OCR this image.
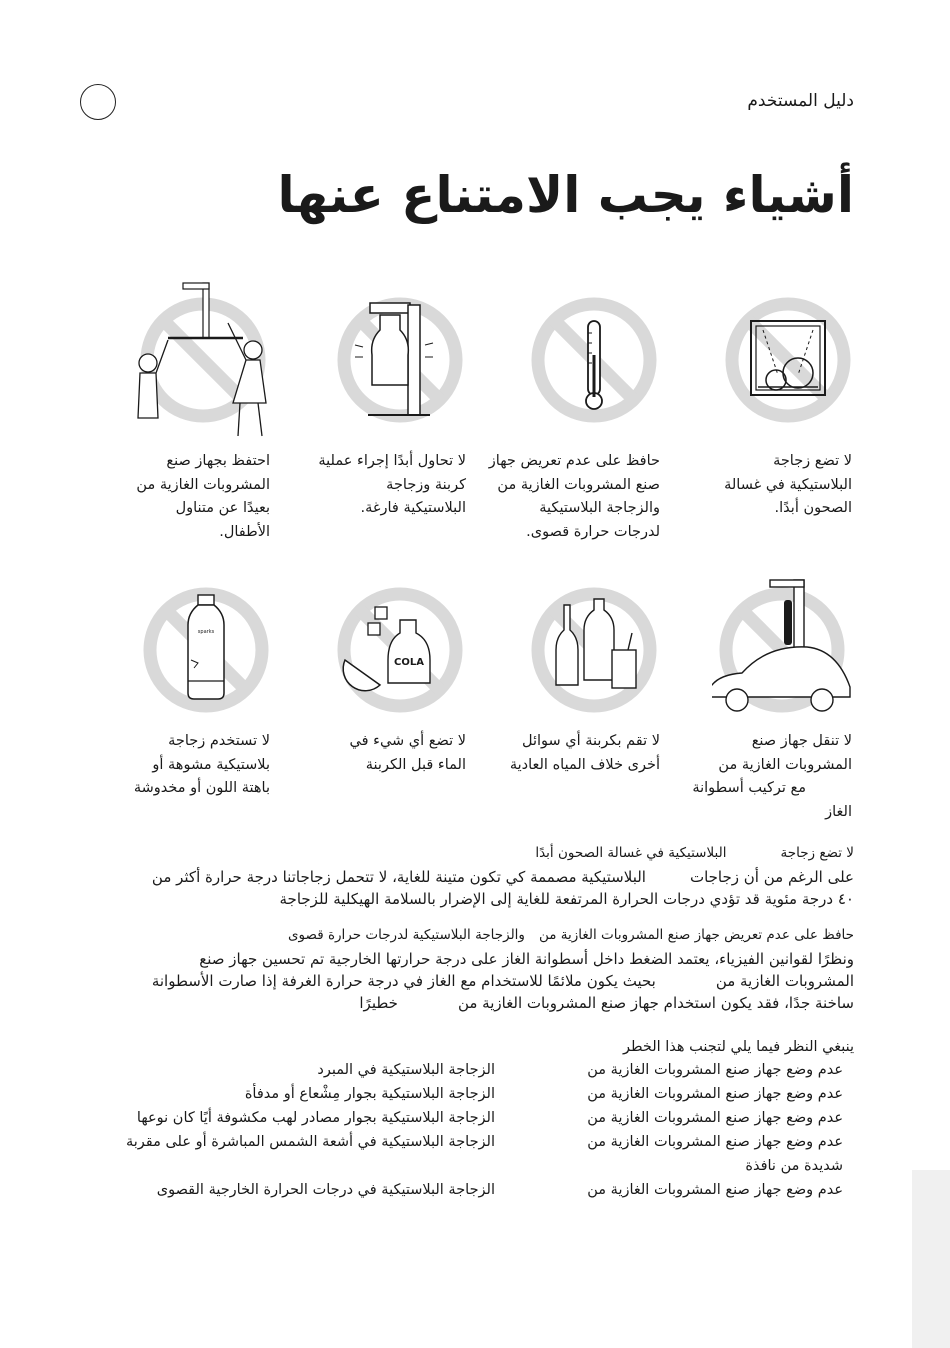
دليل المستخدم
أشياء يجب الامتناع عنها
لا تضع زجاجة
البلاستيكية في غسالة
الصحون أبدًا.
حافظ على عدم تعريض جهاز
صنع المشروبات الغازية من
والزجاجة البلاستيكية
لدرجات حرارة قصوى.
لا تحاول أبدًا إجراء عملية
كربنة وزجاجة
البلاستيكية فارغة.
احتفظ بجهاز صنع
المشروبات الغازية من
بعيدًا عن متناول
الأطفال.
COLA
sparks
لا تنقل جهاز صنع
المشروبات الغازية من
مع تركيب أسطوانة
الغاز
لا تقم بكربنة أي سوائل
أخرى خلاف المياه العادية
لا تضع أي شيء في
الماء قبل الكربنة
لا تستخدم زجاجة
بلاستيكية مشوهة أو
باهتة اللون أو مخدوشة
لا تضع زجاجةالبلاستيكية في غسالة الصحون أبدًا
على الرغم من أن زجاجاتالبلاستيكية مصممة كي تكون متينة للغاية، لا تتحمل زجاجاتنا درجة حرارة أكثر من
٤٠ درجة مئوية قد تؤدي درجات الحرارة المرتفعة للغاية إلى الإضرار بالسلامة الهيكلية للزجاجة
حافظ على عدم تعريض جهاز صنع المشروبات الغازية منوالزجاجة البلاستيكية لدرجات حرارة قصوى
ونظرًا لقوانين الفيزياء، يعتمد الضغط داخل أسطوانة الغاز على درجة حرارتها الخارجية تم تحسين جهاز صنع
المشروبات الغازية منبحيث يكون ملائمًا للاستخدام مع الغاز في درجة حرارة الغرفة إذا صارت الأسطوانة
ساخنة جدًا، فقد يكون استخدام جهاز صنع المشروبات الغازية منخطيرًا
ينبغي النظر فيما يلي لتجنب هذا الخطر
عدم وضع جهاز صنع المشروبات الغازية من
عدم وضع جهاز صنع المشروبات الغازية من
عدم وضع جهاز صنع المشروبات الغازية من
عدم وضع جهاز صنع المشروبات الغازية من
شديدة من نافذة
عدم وضع جهاز صنع المشروبات الغازية من
الزجاجة البلاستيكية في المبرد
الزجاجة البلاستيكية بجوار مِشْعاع أو مدفأة
الزجاجة البلاستيكية بجوار مصادر لهب مكشوفة أيًا كان نوعها
الزجاجة البلاستيكية في أشعة الشمس المباشرة أو على مقربة

الزجاجة البلاستيكية في درجات الحرارة الخارجية القصوى
